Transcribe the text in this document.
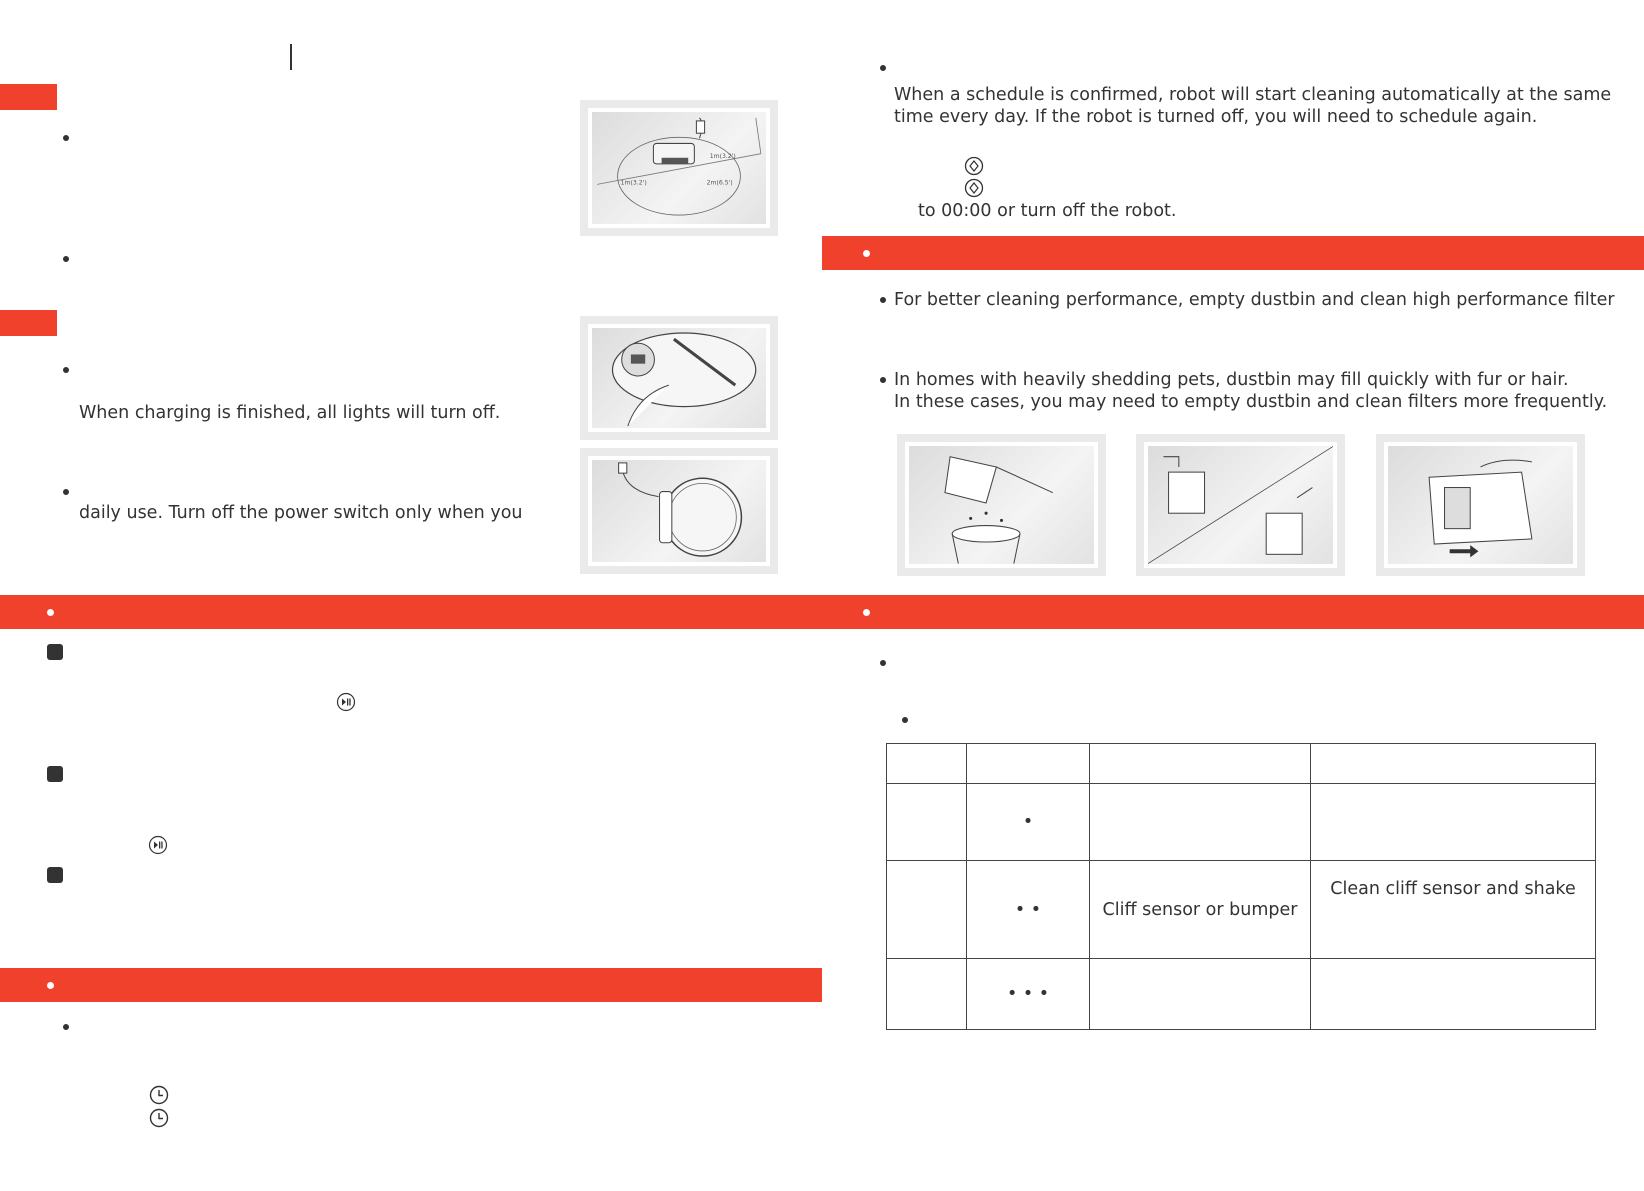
When charging is finished, all lights will turn off.
daily use. Turn off the power switch only when you
1m(3.2')
1m(3.2')
2m(6.5')
When a schedule is confirmed, robot will start cleaning automatically at the same
time every day. If the robot is turned off, you will need to schedule again.
to 00:00 or turn off the robot.
For better cleaning performance, empty dustbin and clean high performance filter
In homes with heavily shedding pets, dustbin may fill quickly with fur or hair.
In these cases, you may need to empty dustbin and clean filters more frequently.

	•		
	• •	Cliff sensor or bumper	Clean cliff sensor and shake
	• • •		
